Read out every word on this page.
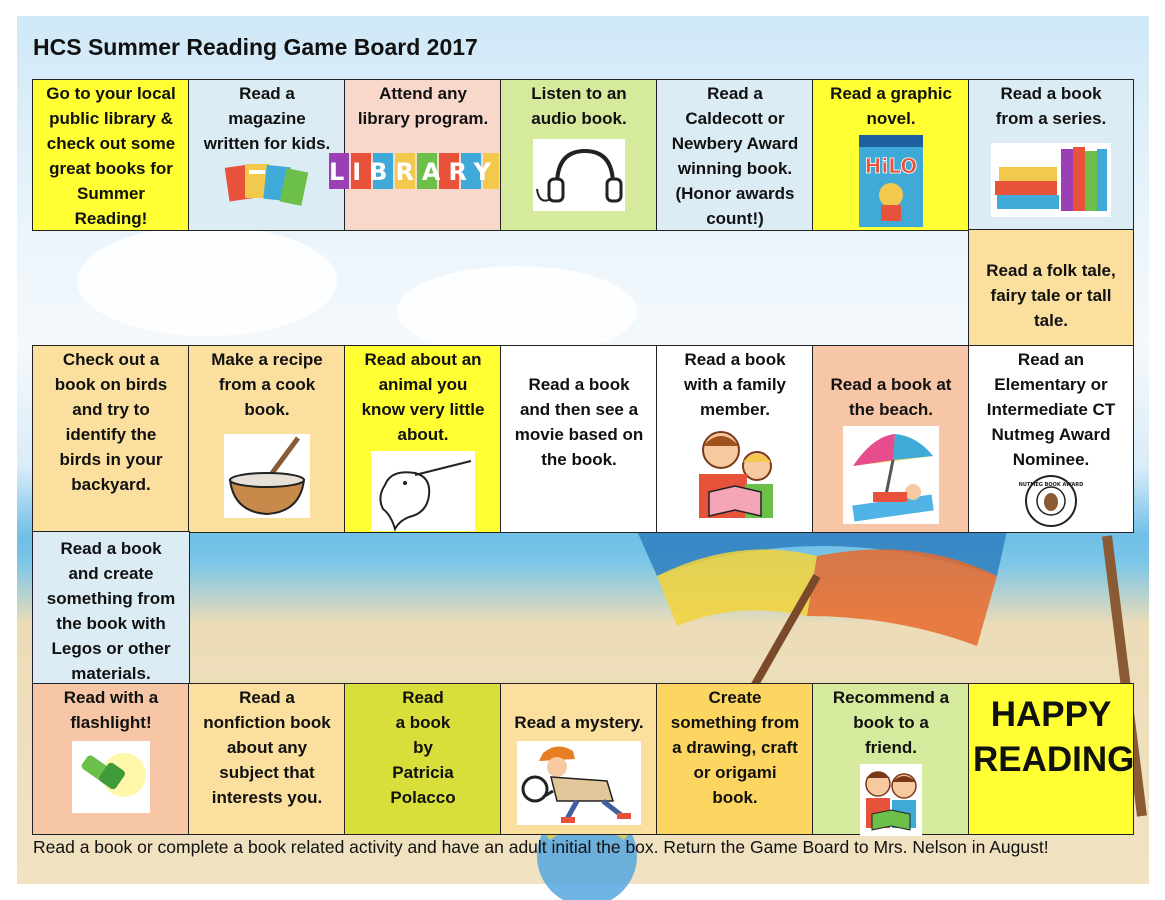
HCS Summer Reading Game Board 2017
Go to your local
public library &
check out some
great books for
Summer
Reading!
Read a
magazine
written for kids.
Attend any
library program.
LIBRARY
Listen to an
audio book.
Read a
Caldecott or
Newbery Award
winning book.
(Honor awards
count!)
Read a graphic
novel.
HiLO
Read a book
from a series.
Read a folk tale,
fairy tale or tall
tale.
Check out a
book on birds
and try to
identify the
birds in your
backyard.
Make a recipe
from a cook
book.
Read about an
animal you
know very little
about.
Read a book
and then see a
movie based on
the book.
Read a book
with a family
member.
Read a book at
the beach.
Read an
Elementary or
Intermediate CT
Nutmeg Award
Nominee.
NUTMEG BOOK AWARD
Read a book
and create
something from
the book with
Legos or other
materials.
Read with a
flashlight!
Read a
nonfiction book
about any
subject that
interests you.
Read
a book
by
Patricia
Polacco
Read a mystery.
Create
something from
a drawing, craft
or origami
book.
Recommend a
book to a
friend.
HAPPY
READING
Read a book or complete a book related activity and have an adult initial the box. Return the Game Board to Mrs. Nelson in August!
